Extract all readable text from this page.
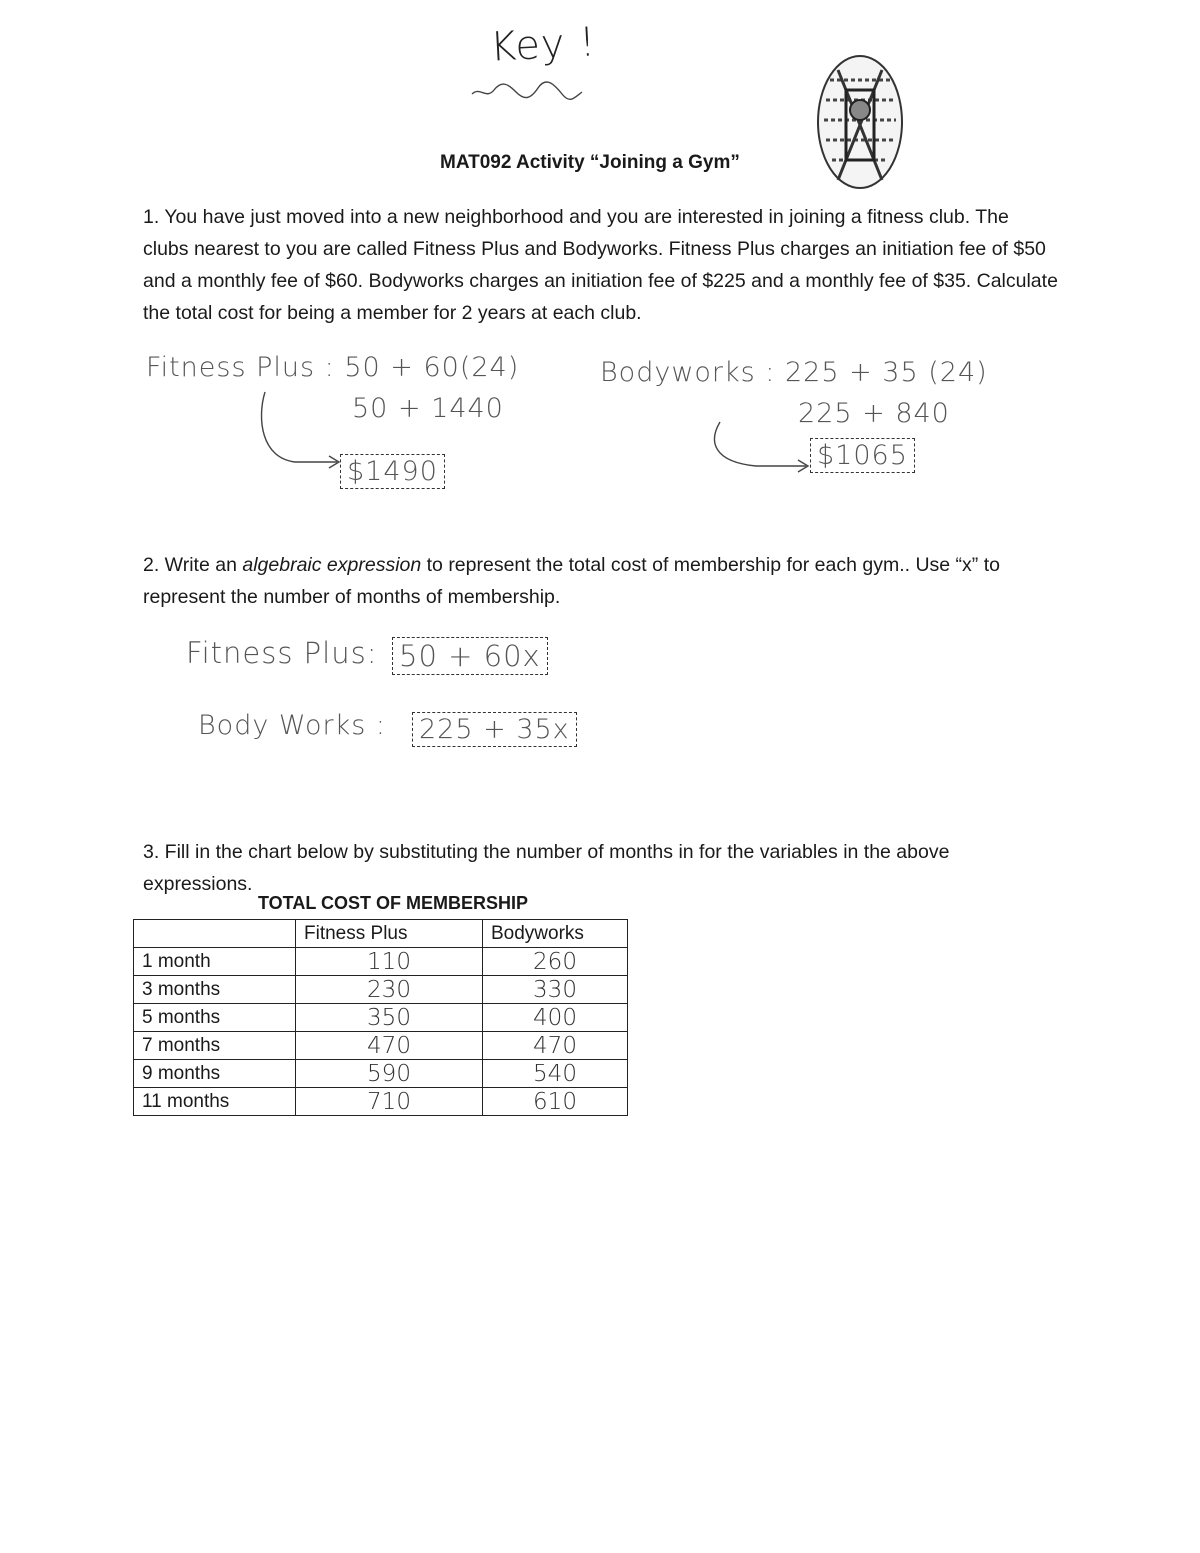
Key !
MAT092 Activity “Joining a Gym”
1. You have just moved into a new neighborhood and you are interested in joining a fitness club. The clubs nearest to you are called Fitness Plus and Bodyworks. Fitness Plus charges an initiation fee of $50 and a monthly fee of $60. Bodyworks charges an initiation fee of $225 and a monthly fee of $35. Calculate the total cost for being a member for 2 years at each club.
Fitness Plus : 50 + 60(24)
50 + 1440
$1490
Bodyworks : 225 + 35 (24)
225 + 840
$1065
2. Write an algebraic expression to represent the total cost of membership for each gym.. Use “x” to represent the number of months of membership.
Fitness Plus: 50 + 60x
Body Works : 225 + 35x
3. Fill in the chart below by substituting the number of months in for the variables in the above expressions.
TOTAL COST OF MEMBERSHIP
	Fitness Plus	Bodyworks
1 month	110	260
3 months	230	330
5 months	350	400
7 months	470	470
9 months	590	540
11 months	710	610
